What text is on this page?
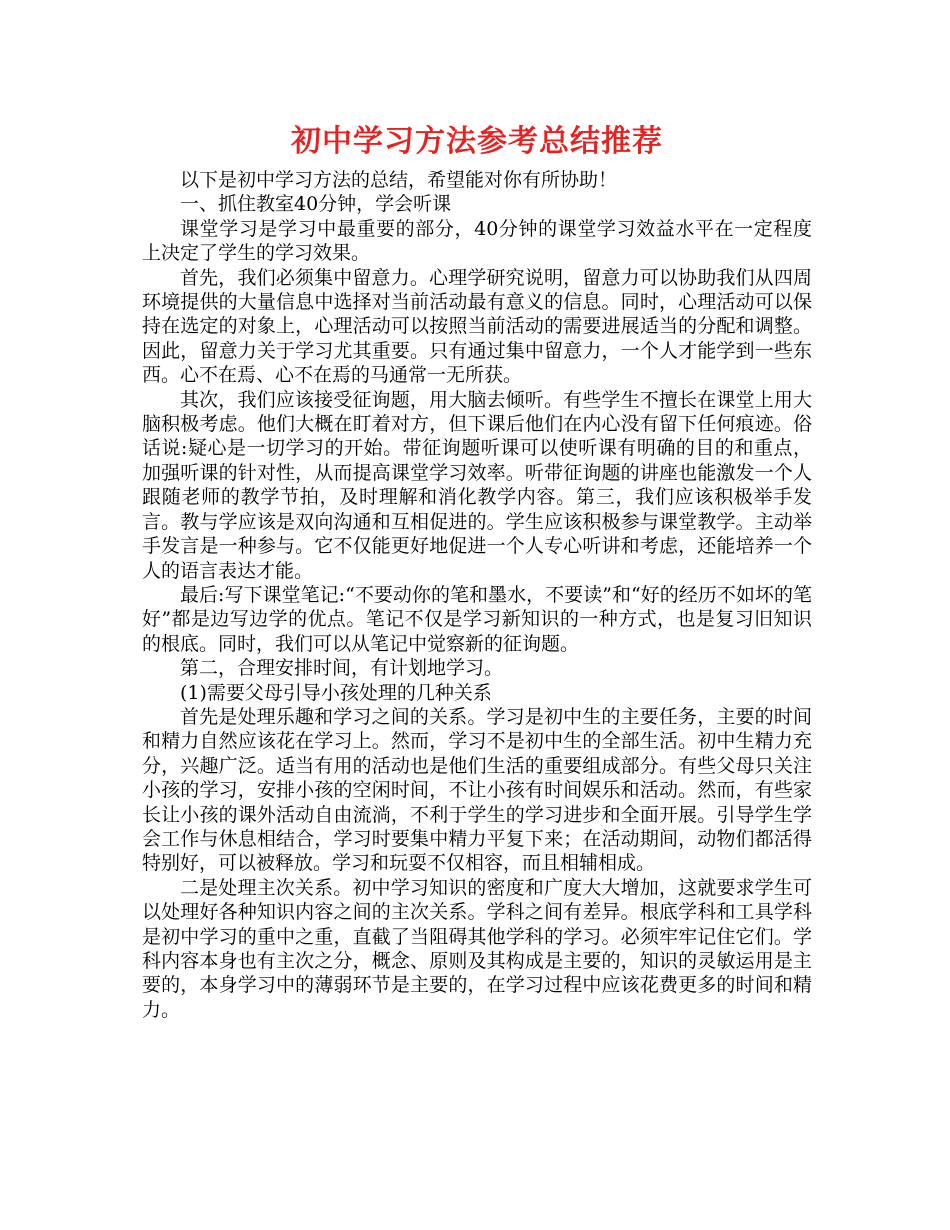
初中学习方法参考总结推荐

以下是初中学习方法的总结，希望能对你有所协助！

一、抓住教室40分钟，学会听课

课堂学习是学习中最重要的部分，40分钟的课堂学习效益水平在一定程度上决定了学生的学习效果。

首先，我们必须集中留意力。心理学研究说明，留意力可以协助我们从四周环境提供的大量信息中选择对当前活动最有意义的信息。同时，心理活动可以保持在选定的对象上，心理活动可以按照当前活动的需要进展适当的分配和调整。因此，留意力关于学习尤其重要。只有通过集中留意力，一个人才能学到一些东西。心不在焉、心不在焉的马通常一无所获。

其次，我们应该接受征询题，用大脑去倾听。有些学生不擅长在课堂上用大脑积极考虑。他们大概在盯着对方，但下课后他们在内心没有留下任何痕迹。俗话说:疑心是一切学习的开始。带征询题听课可以使听课有明确的目的和重点，加强听课的针对性，从而提高课堂学习效率。听带征询题的讲座也能激发一个人跟随老师的教学节拍，及时理解和消化教学内容。第三，我们应该积极举手发言。教与学应该是双向沟通和互相促进的。学生应该积极参与课堂教学。主动举手发言是一种参与。它不仅能更好地促进一个人专心听讲和考虑，还能培养一个人的语言表达才能。

最后:写下课堂笔记:“不要动你的笔和墨水，不要读”和“好的经历不如坏的笔好”都是边写边学的优点。笔记不仅是学习新知识的一种方式，也是复习旧知识的根底。同时，我们可以从笔记中觉察新的征询题。

第二，合理安排时间，有计划地学习。

(1)需要父母引导小孩处理的几种关系

首先是处理乐趣和学习之间的关系。学习是初中生的主要任务，主要的时间和精力自然应该花在学习上。然而，学习不是初中生的全部生活。初中生精力充分，兴趣广泛。适当有用的活动也是他们生活的重要组成部分。有些父母只关注小孩的学习，安排小孩的空闲时间，不让小孩有时间娱乐和活动。然而，有些家长让小孩的课外活动自由流淌，不利于学生的学习进步和全面开展。引导学生学会工作与休息相结合，学习时要集中精力平复下来；在活动期间，动物们都活得特别好，可以被释放。学习和玩耍不仅相容，而且相辅相成。

二是处理主次关系。初中学习知识的密度和广度大大增加，这就要求学生可以处理好各种知识内容之间的主次关系。学科之间有差异。根底学科和工具学科是初中学习的重中之重，直截了当阻碍其他学科的学习。必须牢牢记住它们。学科内容本身也有主次之分，概念、原则及其构成是主要的，知识的灵敏运用是主要的，本身学习中的薄弱环节是主要的，在学习过程中应该花费更多的时间和精力。
